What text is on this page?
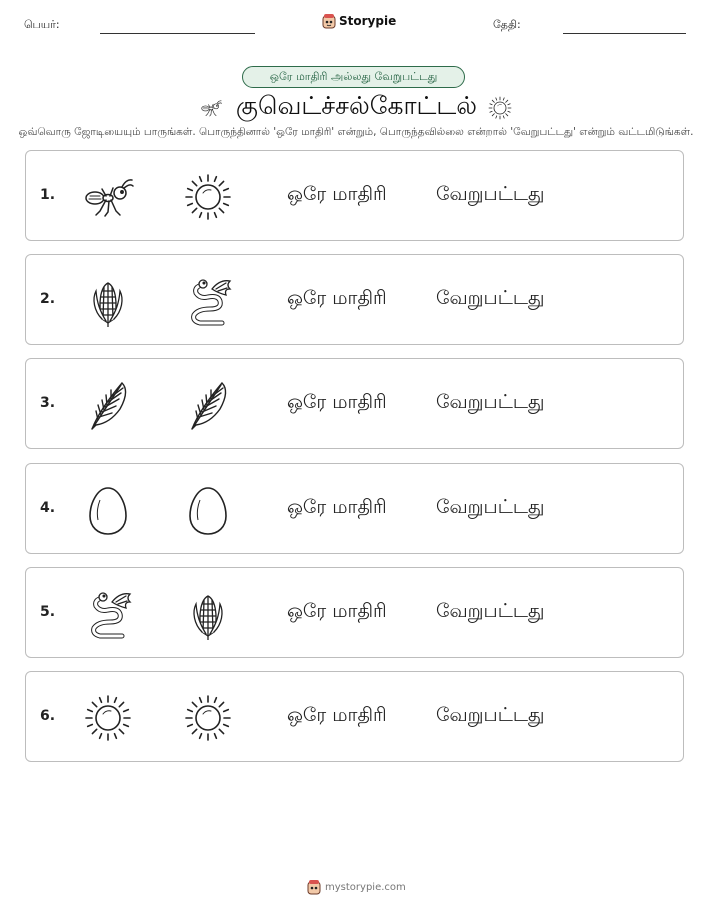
பெயர்:	Storypie	தேதி:
ஒரே மாதிரி அல்லது வேறுபட்டது
குவெட்ச்சல்கோட்டல்
ஒவ்வொரு ஜோடியையும் பாருங்கள். பொருந்தினால் 'ஒரே மாதிரி' என்றும், பொருந்தவில்லை என்றால் 'வேறுபட்டது' என்றும் வட்டமிடுங்கள்.
1.	ஒரே மாதிரி	வேறுபட்டது
2.	ஒரே மாதிரி	வேறுபட்டது
3.	ஒரே மாதிரி	வேறுபட்டது
4.	ஒரே மாதிரி	வேறுபட்டது
5.	ஒரே மாதிரி	வேறுபட்டது
6.	ஒரே மாதிரி	வேறுபட்டது
mystorypie.com
